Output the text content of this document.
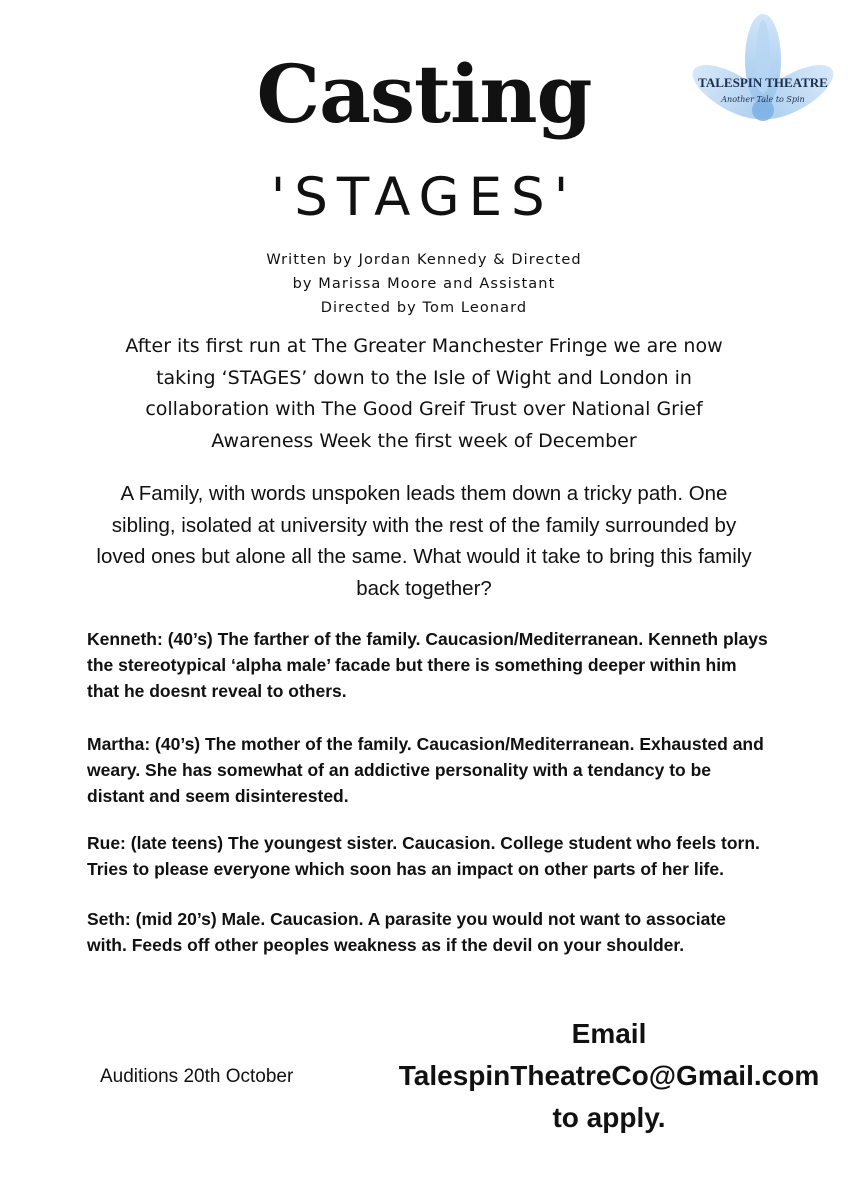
TALESPIN THEATRE
Another Tale to Spin
Casting
'STAGES'
Written by Jordan Kennedy & Directed
by Marissa Moore and Assistant
Directed by Tom Leonard
After its first run at The Greater Manchester Fringe we are now
taking ‘STAGES’ down to the Isle of Wight and London in
collaboration with The Good Greif Trust over National Grief
Awareness Week the first week of December
A Family, with words unspoken leads them down a tricky path. One
sibling, isolated at university with the rest of the family surrounded by
loved ones but alone all the same. What would it take to bring this family
back together?
Kenneth: (40’s) The farther of the family. Caucasion/Mediterranean. Kenneth plays
the stereotypical ‘alpha male’ facade but there is something deeper within him
that he doesnt reveal to others.
Martha: (40’s) The mother of the family. Caucasion/Mediterranean. Exhausted and
weary. She has somewhat of an addictive personality with a tendancy to be
distant and seem disinterested.
Rue: (late teens) The youngest sister. Caucasion. College student who feels torn.
Tries to please everyone which soon has an impact on other parts of her life.
Seth: (mid 20’s) Male. Caucasion. A parasite you would not want to associate
with. Feeds off other peoples weakness as if the devil on your shoulder.
Auditions 20th October
Email
TalespinTheatreCo@Gmail.com
to apply.
